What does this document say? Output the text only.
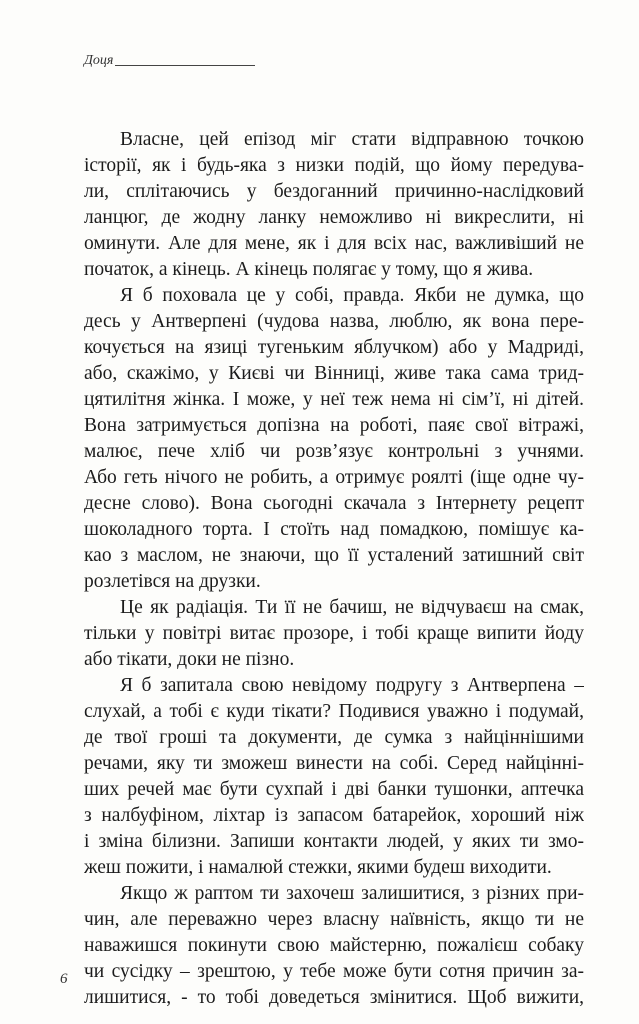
Доця
Власне, цей епізод міг стати відправною точкою
історії, як і будь-яка з низки подій, що йому передува-
ли, сплітаючись у бездоганний причинно-наслідковий
ланцюг, де жодну ланку неможливо ні викреслити, ні
оминути. Але для мене, як і для всіх нас, важливіший не
початок, а кінець. А кінець полягає у тому, що я жива.
Я б поховала це у собі, правда. Якби не думка, що
десь у Антверпені (чудова назва, люблю, як вона пере-
кочується на язиці тугеньким яблучком) або у Мадриді,
або, скажімо, у Києві чи Вінниці, живе така сама трид-
цятилітня жінка. І може, у неї теж нема ні сім’ї, ні дітей.
Вона затримується допізна на роботі, паяє свої вітражі,
малює, пече хліб чи розв’язує контрольні з учнями.
Або геть нічого не робить, а отримує роялті (іще одне чу-
десне слово). Вона сьогодні скачала з Інтернету рецепт
шоколадного торта. І стоїть над помадкою, помішує ка-
као з маслом, не знаючи, що її усталений затишний світ
розлетівся на друзки.
Це як радіація. Ти її не бачиш, не відчуваєш на смак,
тільки у повітрі витає прозоре, і тобі краще випити йоду
або тікати, доки не пізно.
Я б запитала свою невідому подругу з Антверпена –
слухай, а тобі є куди тікати? Подивися уважно і подумай,
де твої гроші та документи, де сумка з найціннішими
речами, яку ти зможеш винести на собі. Серед найцінні-
ших речей має бути сухпай і дві банки тушонки, аптечка
з налбуфіном, ліхтар із запасом батарейок, хороший ніж
і зміна білизни. Запиши контакти людей, у яких ти змо-
жеш пожити, і намалюй стежки, якими будеш виходити.
Якщо ж раптом ти захочеш залишитися, з різних при-
чин, але переважно через власну наївність, якщо ти не
наважишся покинути свою майстерню, пожалієш собаку
чи сусідку – зрештою, у тебе може бути сотня причин за-
лишитися, - то тобі доведеться змінитися. Щоб вижити,
6
